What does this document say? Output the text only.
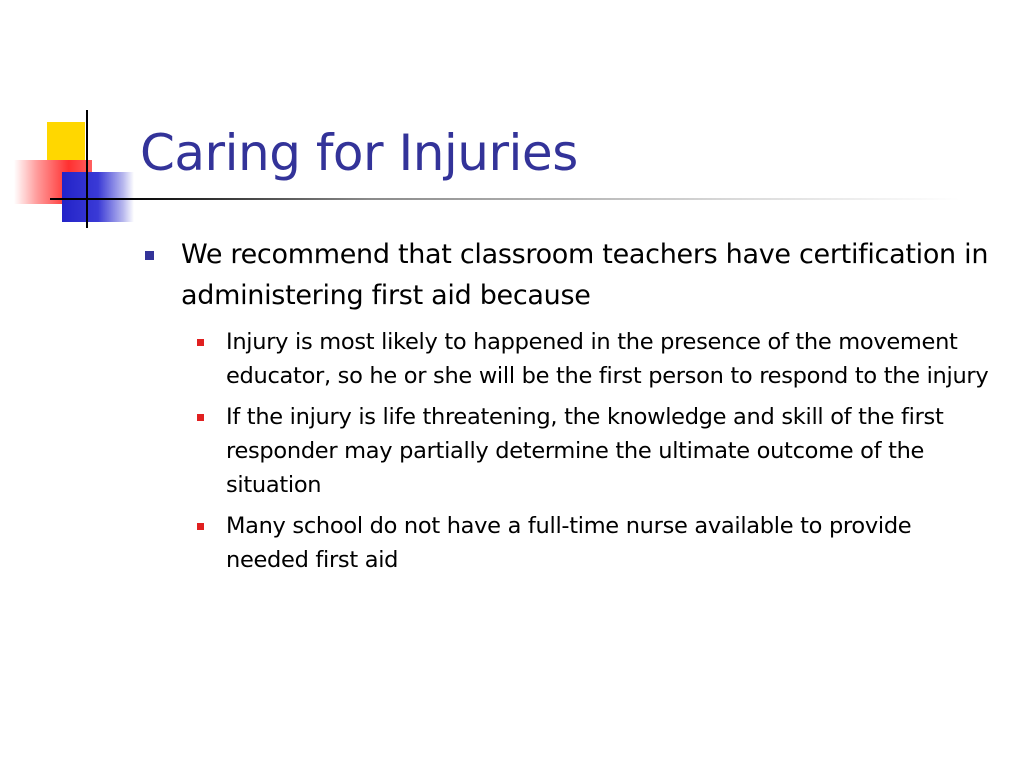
Caring for Injuries
We recommend that classroom teachers have certification in administering first aid because
Injury is most likely to happened in the presence of the movement educator, so he or she will be the first person to respond to the injury
If the injury is life threatening, the knowledge and skill of the first responder may partially determine the ultimate outcome of the situation
Many school do not have a full-time nurse available to provide needed first aid
